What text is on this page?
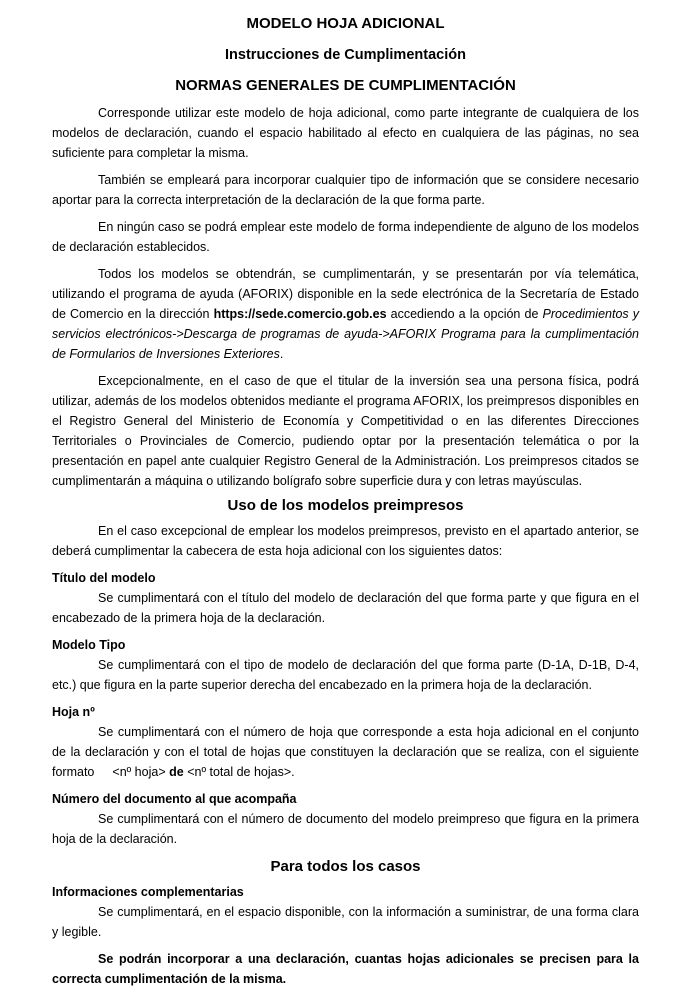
MODELO HOJA ADICIONAL
Instrucciones de Cumplimentación
NORMAS GENERALES DE CUMPLIMENTACIÓN

Corresponde utilizar este modelo de hoja adicional, como parte integrante de cualquiera de los modelos de declaración, cuando el espacio habilitado al efecto en cualquiera de las páginas, no sea suficiente para completar la misma.

También se empleará para incorporar cualquier tipo de información que se considere necesario aportar para la correcta interpretación de la declaración de la que forma parte.

En ningún caso se podrá emplear este modelo de forma independiente de alguno de los modelos de declaración establecidos.

Todos los modelos se obtendrán, se cumplimentarán, y se presentarán por vía telemática, utilizando el programa de ayuda (AFORIX) disponible en la sede electrónica de la Secretaría de Estado de Comercio en la dirección https://sede.comercio.gob.es accediendo a la opción de Procedimientos y servicios electrónicos->Descarga de programas de ayuda->AFORIX Programa para la cumplimentación de Formularios de Inversiones Exteriores.

Excepcionalmente, en el caso de que el titular de la inversión sea una persona física, podrá utilizar, además de los modelos obtenidos mediante el programa AFORIX, los preimpresos disponibles en el Registro General del Ministerio de Economía y Competitividad o en las diferentes Direcciones Territoriales o Provinciales de Comercio, pudiendo optar por la presentación telemática o por la presentación en papel ante cualquier Registro General de la Administración. Los preimpresos citados se cumplimentarán a máquina o utilizando bolígrafo sobre superficie dura y con letras mayúsculas.

Uso de los modelos preimpresos

En el caso excepcional de emplear los modelos preimpresos, previsto en el apartado anterior, se deberá cumplimentar la cabecera de esta hoja adicional con los siguientes datos:

Título del modelo

Se cumplimentará con el título del modelo de declaración del que forma parte y que figura en el encabezado de la primera hoja de la declaración.

Modelo Tipo

Se cumplimentará con el tipo de modelo de declaración del que forma parte (D-1A, D-1B, D-4, etc.) que figura en la parte superior derecha del encabezado en la primera hoja de la declaración.

Hoja nº

Se cumplimentará con el número de hoja que corresponde a esta hoja adicional en el conjunto de la declaración y con el total de hojas que constituyen la declaración que se realiza, con el siguiente formato <nº hoja> de <nº total de hojas>.

Número del documento al que acompaña

Se cumplimentará con el número de documento del modelo preimpreso que figura en la primera hoja de la declaración.

Para todos los casos

Informaciones complementarias

Se cumplimentará, en el espacio disponible, con la información a suministrar, de una forma clara y legible.

Se podrán incorporar a una declaración, cuantas hojas adicionales se precisen para la correcta cumplimentación de la misma.
